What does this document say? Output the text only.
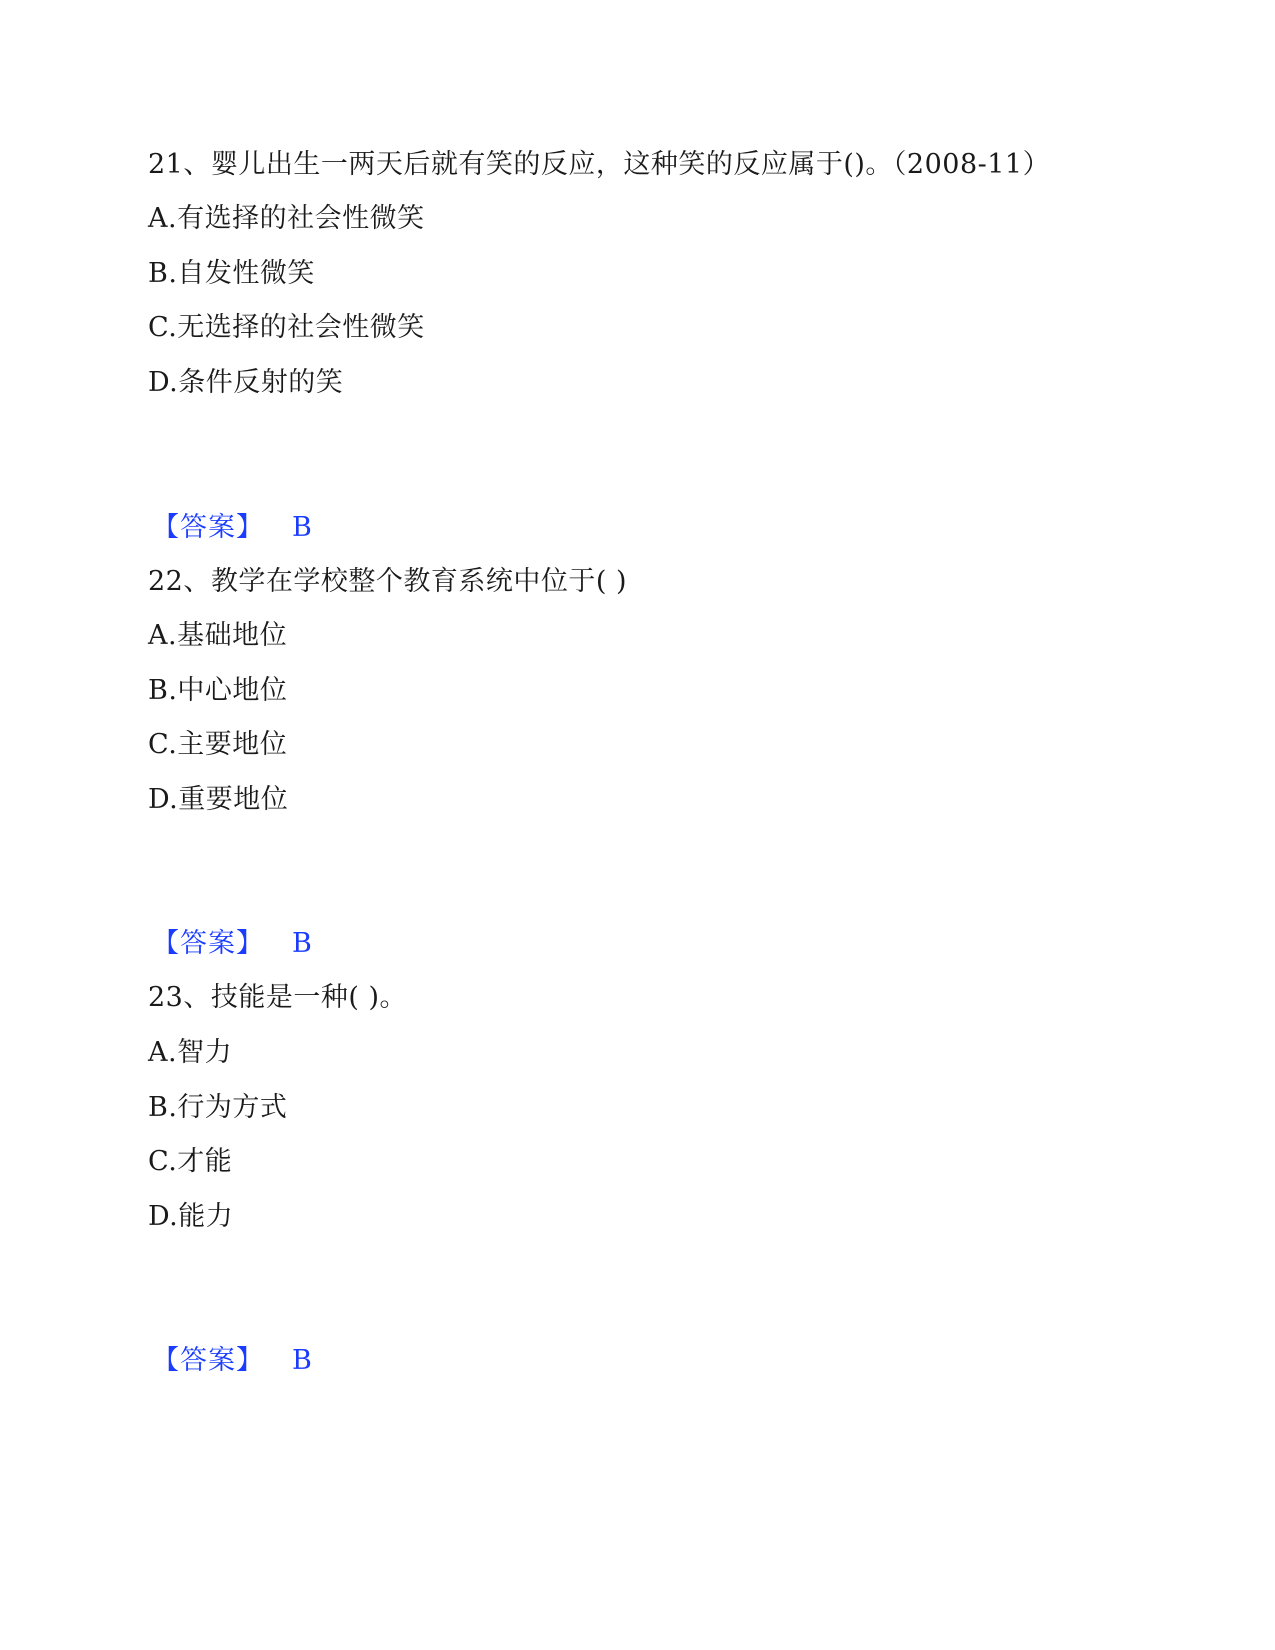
21、婴儿出生一两天后就有笑的反应，这种笑的反应属于()。（2008-11）
A.有选择的社会性微笑
B.自发性微笑
C.无选择的社会性微笑
D.条件反射的笑
【答案】 B
22、教学在学校整个教育系统中位于( )
A.基础地位
B.中心地位
C.主要地位
D.重要地位
【答案】 B
23、技能是一种( )。
A.智力
B.行为方式
C.才能
D.能力
【答案】 B
